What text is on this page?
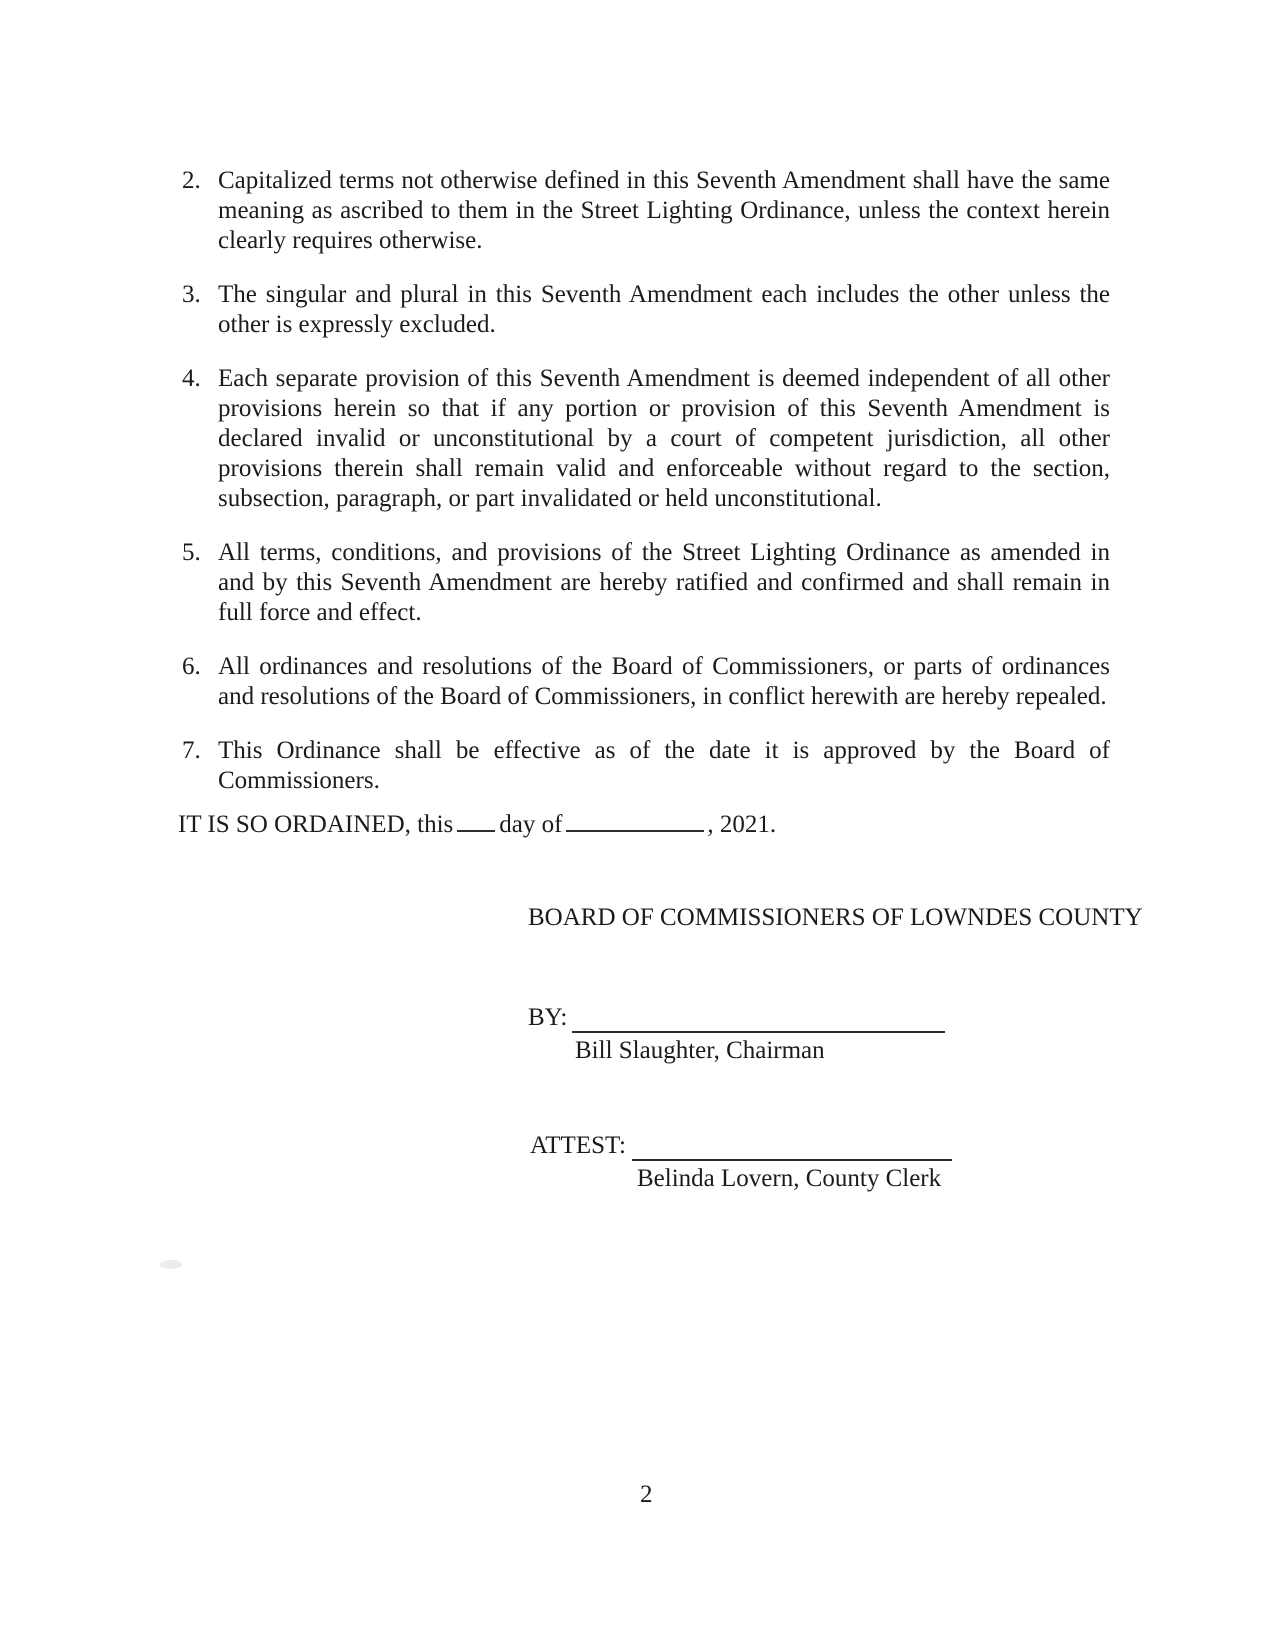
2. Capitalized terms not otherwise defined in this Seventh Amendment shall have the same meaning as ascribed to them in the Street Lighting Ordinance, unless the context herein clearly requires otherwise.
3. The singular and plural in this Seventh Amendment each includes the other unless the other is expressly excluded.
4. Each separate provision of this Seventh Amendment is deemed independent of all other provisions herein so that if any portion or provision of this Seventh Amendment is declared invalid or unconstitutional by a court of competent jurisdiction, all other provisions therein shall remain valid and enforceable without regard to the section, subsection, paragraph, or part invalidated or held unconstitutional.
5. All terms, conditions, and provisions of the Street Lighting Ordinance as amended in and by this Seventh Amendment are hereby ratified and confirmed and shall remain in full force and effect.
6. All ordinances and resolutions of the Board of Commissioners, or parts of ordinances and resolutions of the Board of Commissioners, in conflict herewith are hereby repealed.
7. This Ordinance shall be effective as of the date it is approved by the Board of Commissioners.
IT IS SO ORDAINED, this day of	, 2021.
BOARD OF COMMISSIONERS OF LOWNDES COUNTY
BY:
Bill Slaughter, Chairman
ATTEST:
Belinda Lovern, County Clerk
2
